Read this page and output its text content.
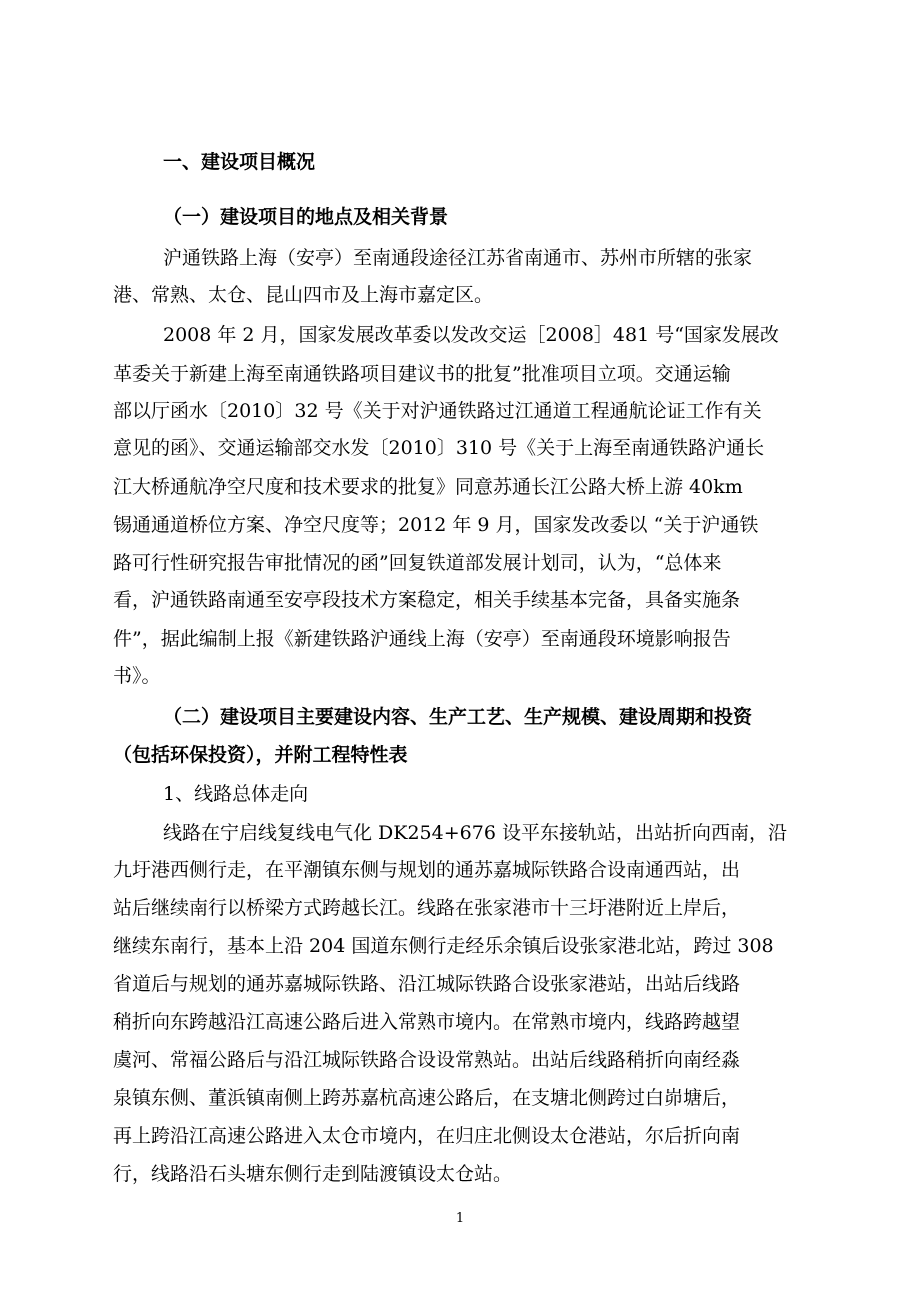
一、建设项目概况
（一）建设项目的地点及相关背景
沪通铁路上海（安亭）至南通段途径江苏省南通市、苏州市所辖的张家
港、常熟、太仓、昆山四市及上海市嘉定区。
2008 年 2 月，国家发展改革委以发改交运［2008］481 号“国家发展改
革委关于新建上海至南通铁路项目建议书的批复”批准项目立项。交通运输
部以厅函水〔2010〕32 号《关于对沪通铁路过江通道工程通航论证工作有关
意见的函》、交通运输部交水发〔2010〕310 号《关于上海至南通铁路沪通长
江大桥通航净空尺度和技术要求的批复》同意苏通长江公路大桥上游 40km
锡通通道桥位方案、净空尺度等；2012 年 9 月，国家发改委以 “关于沪通铁
路可行性研究报告审批情况的函”回复铁道部发展计划司，认为，“总体来
看，沪通铁路南通至安亭段技术方案稳定，相关手续基本完备，具备实施条
件”，据此编制上报《新建铁路沪通线上海（安亭）至南通段环境影响报告
书》。
（二）建设项目主要建设内容、生产工艺、生产规模、建设周期和投资
（包括环保投资），并附工程特性表
1、线路总体走向
线路在宁启线复线电气化 DK254+676 设平东接轨站，出站折向西南，沿
九圩港西侧行走，在平潮镇东侧与规划的通苏嘉城际铁路合设南通西站，出
站后继续南行以桥梁方式跨越长江。线路在张家港市十三圩港附近上岸后，
继续东南行，基本上沿 204 国道东侧行走经乐余镇后设张家港北站，跨过 308
省道后与规划的通苏嘉城际铁路、沿江城际铁路合设张家港站，出站后线路
稍折向东跨越沿江高速公路后进入常熟市境内。在常熟市境内，线路跨越望
虞河、常福公路后与沿江城际铁路合设设常熟站。出站后线路稍折向南经淼
泉镇东侧、董浜镇南侧上跨苏嘉杭高速公路后，在支塘北侧跨过白峁塘后，
再上跨沿江高速公路进入太仓市境内，在归庄北侧设太仓港站，尔后折向南
行，线路沿石头塘东侧行走到陆渡镇设太仓站。
1
